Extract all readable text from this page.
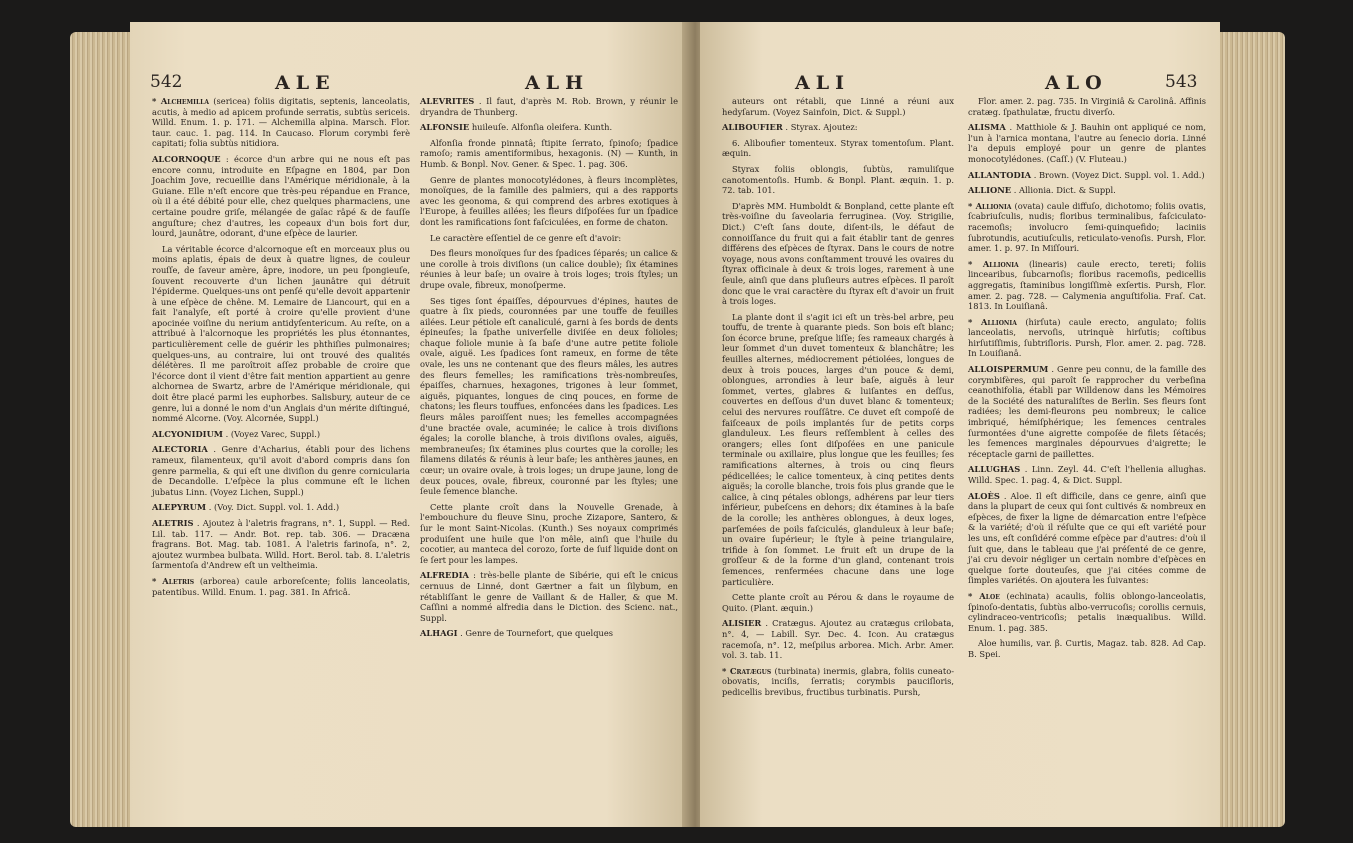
542	ALE	ALH

* Alchemilla (sericea) foliis digitatis, septenis, lanceolatis, acutis, à medio ad apicem profunde serratis, subtùs sericeis. Willd. Enum. 1. p. 171. — Alchemilla alpina. Marsch. Flor. taur. cauc. 1. pag. 114. In Caucaso. Florum corymbi ferè capitati; folia subtùs nitidiora.

ALCORNOQUE : écorce d'un arbre qui ne nous eſt pas encore connu, introduite en Eſpagne en 1804, par Don Joachim Jove, recueillie dans l'Amérique méridionale, à la Guiane. Elle n'eſt encore que très-peu répandue en France, où il a été débité pour elle, chez quelques pharmaciens, une certaine poudre griſe, mélangée de gaïac râpé & de fauſſe anguſture; chez d'autres, les copeaux d'un bois fort dur, lourd, jaunâtre, odorant, d'une eſpèce de laurier.

La véritable écorce d'alcornoque eſt en morceaux plus ou moins aplatis, épais de deux à quatre lignes, de couleur rouſſe, de ſaveur amère, âpre, inodore, un peu ſpongieuſe, ſouvent recouverte d'un lichen jaunâtre qui détruit l'épiderme. Quelques-uns ont penſé qu'elle devoit appartenir à une eſpèce de chêne. M. Lemaire de Liancourt, qui en a fait l'analyſe, eſt porté à croire qu'elle provient d'une apocinée voiſine du nerium antidyſentericum. Au reſte, on a attribué à l'alcornoque les propriétés les plus étonnantes, particulièrement celle de guérir les phthiſies pulmonaires; quelques-uns, au contraire, lui ont trouvé des qualités délétères. Il me paroîtroit aſſez probable de croire que l'écorce dont il vient d'être fait mention appartient au genre alchornea de Swartz, arbre de l'Amérique méridionale, qui doit être placé parmi les euphorbes. Salisbury, auteur de ce genre, lui a donné le nom d'un Anglais d'un mérite diſtingué, nommé Alcorne. (Voy. Alcornée, Suppl.)

ALCYONIDIUM . (Voyez Varec, Suppl.)

ALECTORIA . Genre d'Acharius, établi pour des lichens rameux, filamenteux, qu'il avoit d'abord compris dans ſon genre parmelia, & qui eſt une diviſion du genre cornicularia de Decandolle. L'eſpèce la plus commune eſt le lichen jubatus Linn. (Voyez Lichen, Suppl.)

ALEPYRUM . (Voy. Dict. Suppl. vol. 1. Add.)

ALETRIS . Ajoutez à l'aletris fragrans, n°. 1, Suppl. — Red. Lil. tab. 117. — Andr. Bot. rep. tab. 306. — Dracæna fragrans. Bot. Mag. tab. 1081. A l'aletris farinoſa, n°. 2, ajoutez wurmbea bulbata. Willd. Hort. Berol. tab. 8. L'aletris ſarmentoſa d'Andrew eſt un veltheimia.

* Aletris (arborea) caule arboreſcente; foliis lanceolatis, patentibus. Willd. Enum. 1. pag. 381. In Africâ.

ALEVRITES . Il faut, d'après M. Rob. Brown, y réunir le dryandra de Thunberg.

ALFONSIE huileuſe. Alfonſia oleifera. Kunth.

Alfonſia fronde pinnatâ; ſtipite ſerrato, ſpinoſo; ſpadice ramoſo; ramis amentiformibus, hexagonis. (N) — Kunth, in Humb. & Bonpl. Nov. Gener. & Spec. 1. pag. 306.

Genre de plantes monocotylédones, à fleurs incomplètes, monoïques, de la famille des palmiers, qui a des rapports avec les geonoma, & qui comprend des arbres exotiques à l'Europe, à feuilles ailées; les fleurs diſpoſées ſur un ſpadice dont les ramifications ſont faſciculées, en forme de chaton.

Le caractère eſſentiel de ce genre eſt d'avoir:

Des fleurs monoïques ſur des ſpadices ſéparés; un calice & une corolle à trois diviſions (un calice double); ſix étamines réunies à leur baſe; un ovaire à trois loges; trois ſtyles; un drupe ovale, fibreux, monoſperme.

Ses tiges ſont épaiſſes, dépourvues d'épines, hautes de quatre à ſix pieds, couronnées par une touffe de feuilles ailées. Leur pétiole eſt canaliculé, garni à ſes bords de dents épineuſes; la ſpathe univerſelle diviſée en deux folioles; chaque foliole munie à ſa baſe d'une autre petite foliole ovale, aiguë. Les ſpadices ſont rameux, en forme de tête ovale, les uns ne contenant que des fleurs mâles, les autres des fleurs femelles; les ramifications très-nombreuſes, épaiſſes, charnues, hexagones, trigones à leur ſommet, aiguës, piquantes, longues de cinq pouces, en forme de chatons; les fleurs touffues, enfoncées dans les ſpadices. Les fleurs mâles paroiſſent nues; les femelles accompagnées d'une bractée ovale, acuminée; le calice à trois diviſions égales; la corolle blanche, à trois diviſions ovales, aiguës, membraneuſes; ſix étamines plus courtes que la corolle; les filamens dilatés & réunis à leur baſe; les anthères jaunes, en cœur; un ovaire ovale, à trois loges; un drupe jaune, long de deux pouces, ovale, fibreux, couronné par les ſtyles; une ſeule ſemence blanche.

Cette plante croît dans la Nouvelle Grenade, à l'embouchure du fleuve Sinu, proche Zizapore, Santero, & ſur le mont Saint-Nicolas. (Kunth.) Ses noyaux comprimés produiſent une huile que l'on mêle, ainſi que l'huile du cocotier, au manteca del corozo, ſorte de ſuif liquide dont on ſe ſert pour les lampes.

ALFREDIA : très-belle plante de Sibérie, qui eſt le cnicus cernuus de Linné, dont Gærtner a fait un ſilybum, en rétabliſſant le genre de Vaillant & de Haller, & que M. Caſſini a nommé alfredia dans le Diction. des Scienc. nat., Suppl.

ALHAGI . Genre de Tournefort, que quelques

ALI	ALO	543

auteurs ont rétabli, que Linné a réuni aux hedyſarum. (Voyez Sainfoin, Dict. & Suppl.)

ALIBOUFIER . Styrax. Ajoutez:

6. Aliboufier tomenteux. Styrax tomentoſum. Plant. æquin.

Styrax foliis oblongis, ſubtùs, ramuliſque canotomentoſis. Humb. & Bonpl. Plant. æquin. 1. p. 72. tab. 101.

D'après MM. Humboldt & Bonpland, cette plante eſt très-voiſine du ſaveolaria ferruginea. (Voy. Strigilie, Dict.) C'eſt ſans doute, diſent-ils, le défaut de connoiſſance du fruit qui a fait établir tant de genres différens des eſpèces de ſtyrax. Dans le cours de notre voyage, nous avons conſtamment trouvé les ovaires du ſtyrax officinale à deux & trois loges, rarement à une ſeule, ainſi que dans pluſieurs autres eſpèces. Il paroît donc que le vrai caractère du ſtyrax eſt d'avoir un fruit à trois loges.

La plante dont il s'agit ici eſt un très-bel arbre, peu touffu, de trente à quarante pieds. Son bois eſt blanc; ſon écorce brune, preſque liſſe; ſes rameaux chargés à leur ſommet d'un duvet tomenteux & blanchâtre; les feuilles alternes, médiocrement pétiolées, longues de deux à trois pouces, larges d'un pouce & demi, oblongues, arrondies à leur baſe, aiguës à leur ſommet, vertes, glabres & luiſantes en deſſus, couvertes en deſſous d'un duvet blanc & tomenteux; celui des nervures rouſſâtre. Ce duvet eſt compoſé de faiſceaux de poils implantés ſur de petits corps glanduleux. Les fleurs reſſemblent à celles des orangers; elles ſont diſpoſées en une panicule terminale ou axillaire, plus longue que les feuilles; ſes ramifications alternes, à trois ou cinq fleurs pédicellées; le calice tomenteux, à cinq petites dents aiguës; la corolle blanche, trois fois plus grande que le calice, à cinq pétales oblongs, adhérens par leur tiers inférieur, pubeſcens en dehors; dix étamines à la baſe de la corolle; les anthères oblongues, à deux loges, parſemées de poils faſciculés, glanduleux à leur baſe; un ovaire ſupérieur; le ſtyle à peine triangulaire, trifide à ſon ſommet. Le fruit eſt un drupe de la groſſeur & de la forme d'un gland, contenant trois ſemences, renfermées chacune dans une loge particulière.

Cette plante croît au Pérou & dans le royaume de Quito. (Plant. æquin.)

ALISIER . Cratægus. Ajoutez au cratægus crilobata, n°. 4, — Labill. Syr. Dec. 4. Icon. Au cratægus racemoſa, n°. 12, meſpilus arborea. Mich. Arbr. Amer. vol. 3. tab. 11.

* Cratægus (turbinata) inermis, glabra, foliis cuneato-obovatis, inciſis, ſerratis; corymbis pauciſloris, pedicellis brevibus, fructibus turbinatis. Pursh,

Flor. amer. 2. pag. 735. In Virginiâ & Carolinâ. Affinis cratæg. ſpathulatæ, fructu diverſo.

ALISMA . Matthiole & J. Bauhin ont appliqué ce nom, l'un à l'arnica montana, l'autre au ſenecio doria. Linné l'a depuis employé pour un genre de plantes monocotylédones. (Caſſ.) (V. Fluteau.)

ALLANTODIA . Brown. (Voyez Dict. Suppl. vol. 1. Add.)

ALLIONE . Allionia. Dict. & Suppl.

* Allionia (ovata) caule diffuſo, dichotomo; foliis ovatis, ſcabriuſculis, nudis; floribus terminalibus, faſciculato-racemoſis; involucro ſemi-quinquefido; laciniis ſubrotundis, acutiuſculis, reticulato-venoſis. Pursh, Flor. amer. 1. p. 97. In Miſſouri.

* Allionia (linearis) caule erecto, tereti; foliis lincearibus, ſubcarnoſis; floribus racemoſis, pedicellis aggregatis, ſtaminibus longiſſimè exſertis. Pursh, Flor. amer. 2. pag. 728. — Calymenia anguſtifolia. Fraſ. Cat. 1813. In Louiſianâ.

* Allionia (hirſuta) caule erecto, angulato; foliis lanceolatis, nervoſis, utrinquè hirſutis; coſtibus hirſutiſſimis, ſubtriſloris. Pursh, Flor. amer. 2. pag. 728. In Louiſianâ.

ALLOISPERMUM . Genre peu connu, de la famille des corymbifères, qui paroît ſe rapprocher du verbeſina ceanothifolia, établi par Willdenow dans les Mémoires de la Société des naturaliſtes de Berlin. Ses fleurs ſont radiées; les demi-fleurons peu nombreux; le calice imbriqué, hémiſphérique; les ſemences centrales ſurmontées d'une aigrette compoſée de filets ſétacés; les ſemences marginales dépourvues d'aigrette; le réceptacle garni de paillettes.

ALLUGHAS . Linn. Zeyl. 44. C'eſt l'hellenia allughas. Willd. Spec. 1. pag. 4, & Dict. Suppl.

ALOÈS . Aloe. Il eſt difficile, dans ce genre, ainſi que dans la plupart de ceux qui ſont cultivés & nombreux en eſpèces, de fixer la ligne de démarcation entre l'eſpèce & la variété; d'où il réſulte que ce qui eſt variété pour les uns, eſt conſidéré comme eſpèce par d'autres: d'où il ſuit que, dans le tableau que j'ai préſenté de ce genre, j'ai cru devoir négliger un certain nombre d'eſpèces en quelque ſorte douteuſes, que j'ai citées comme de ſimples variétés. On ajoutera les ſuivantes:

* Aloe (echinata) acaulis, foliis oblongo-lanceolatis, ſpinoſo-dentatis, ſubtùs albo-verrucoſis; corollis cernuis, cylindraceo-ventricoſis; petalis inæqualibus. Willd. Enum. 1. pag. 385.

Aloe humilis, var. β. Curtis, Magaz. tab. 828. Ad Cap. B. Spei.
